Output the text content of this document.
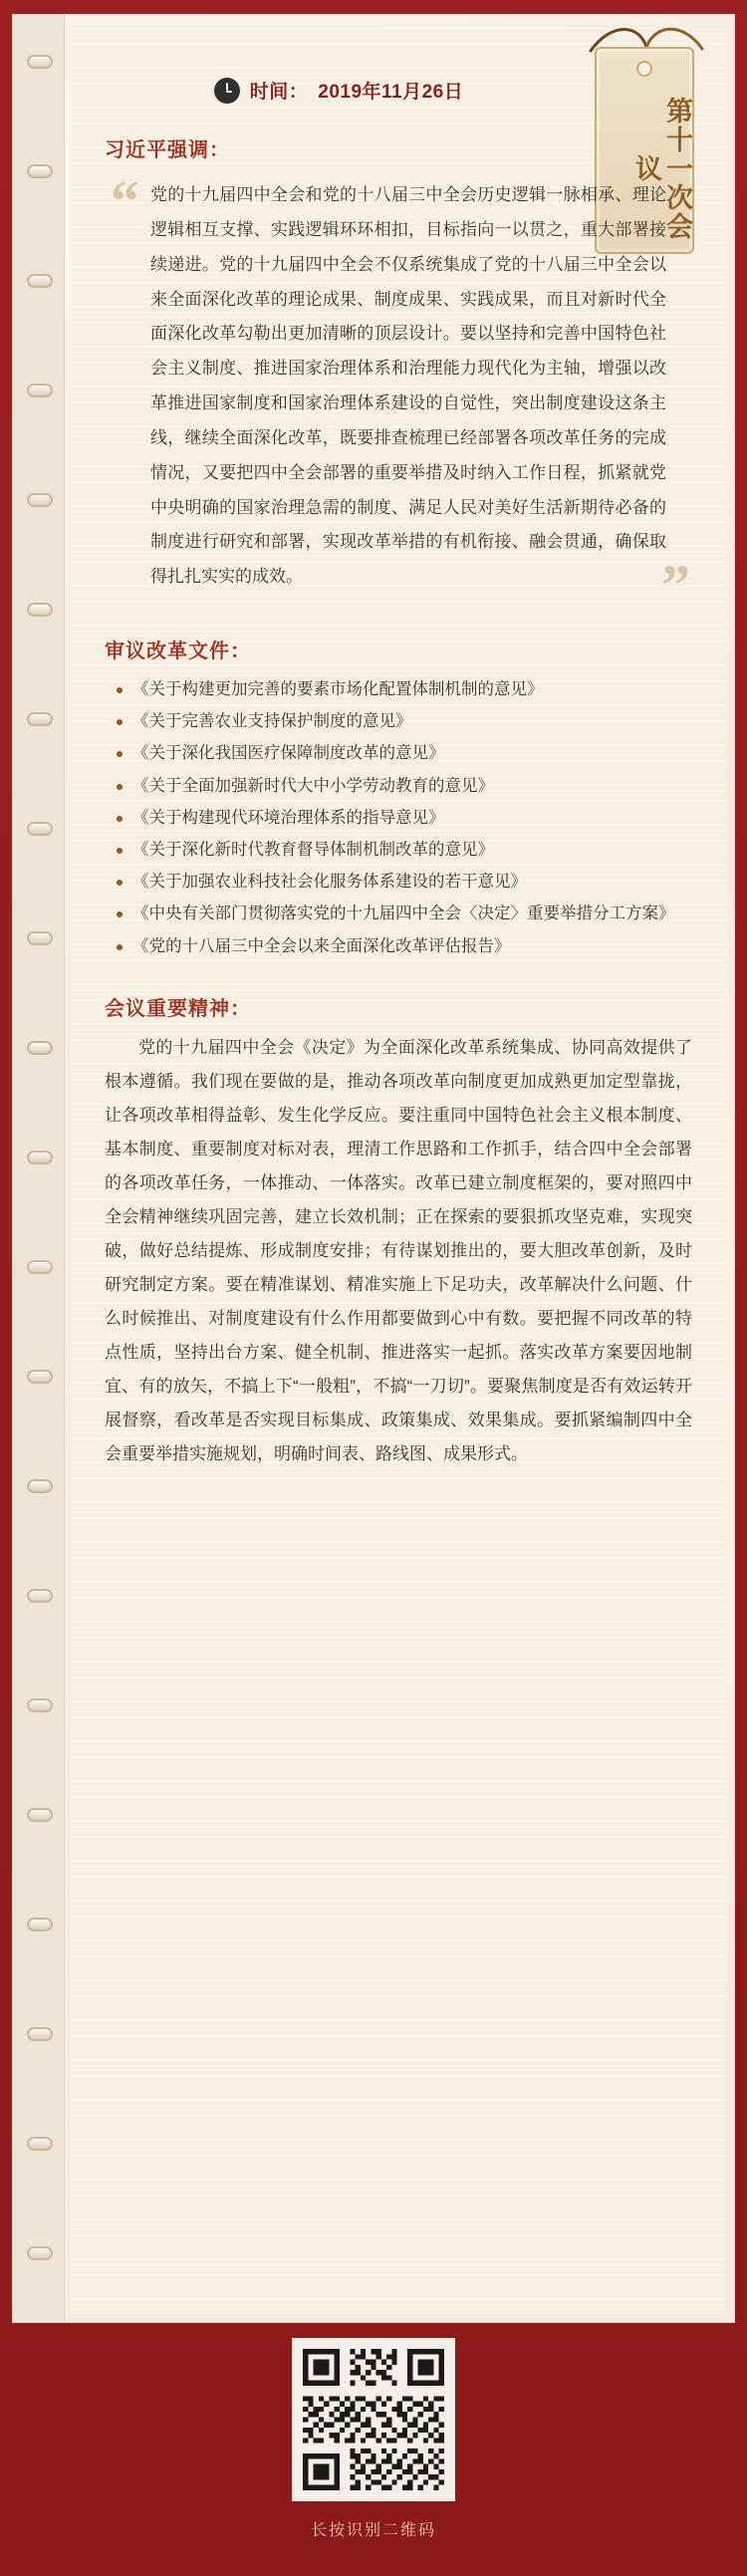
第十一次会议
时间： 2019年11月26日
习近平强调：
“
”

党的十九届四中全会和党的十八届三中全会历史逻辑一脉相承、理论逻辑相互支撑、实践逻辑环环相扣，目标指向一以贯之，重大部署接续递进。党的十九届四中全会不仅系统集成了党的十八届三中全会以来全面深化改革的理论成果、制度成果、实践成果，而且对新时代全面深化改革勾勒出更加清晰的顶层设计。要以坚持和完善中国特色社会主义制度、推进国家治理体系和治理能力现代化为主轴，增强以改革推进国家制度和国家治理体系建设的自觉性，突出制度建设这条主线，继续全面深化改革，既要排查梳理已经部署各项改革任务的完成情况，又要把四中全会部署的重要举措及时纳入工作日程，抓紧就党中央明确的国家治理急需的制度、满足人民对美好生活新期待必备的制度进行研究和部署，实现改革举措的有机衔接、融会贯通，确保取得扎扎实实的成效。

审议改革文件：
《关于构建更加完善的要素市场化配置体制机制的意见》
《关于完善农业支持保护制度的意见》
《关于深化我国医疗保障制度改革的意见》
《关于全面加强新时代大中小学劳动教育的意见》
《关于构建现代环境治理体系的指导意见》
《关于深化新时代教育督导体制机制改革的意见》
《关于加强农业科技社会化服务体系建设的若干意见》
《中央有关部门贯彻落实党的十九届四中全会〈决定〉重要举措分工方案》
《党的十八届三中全会以来全面深化改革评估报告》
会议重要精神：

党的十九届四中全会《决定》为全面深化改革系统集成、协同高效提供了根本遵循。我们现在要做的是，推动各项改革向制度更加成熟更加定型靠拢，让各项改革相得益彰、发生化学反应。要注重同中国特色社会主义根本制度、基本制度、重要制度对标对表，理清工作思路和工作抓手，结合四中全会部署的各项改革任务，一体推动、一体落实。改革已建立制度框架的，要对照四中全会精神继续巩固完善，建立长效机制；正在探索的要狠抓攻坚克难，实现突破，做好总结提炼、形成制度安排；有待谋划推出的，要大胆改革创新，及时研究制定方案。要在精准谋划、精准实施上下足功夫，改革解决什么问题、什么时候推出、对制度建设有什么作用都要做到心中有数。要把握不同改革的特点性质，坚持出台方案、健全机制、推进落实一起抓。落实改革方案要因地制宜、有的放矢，不搞上下“一般粗”，不搞“一刀切”。要聚焦制度是否有效运转开展督察，看改革是否实现目标集成、政策集成、效果集成。要抓紧编制四中全会重要举措实施规划，明确时间表、路线图、成果形式。

长按识别二维码
